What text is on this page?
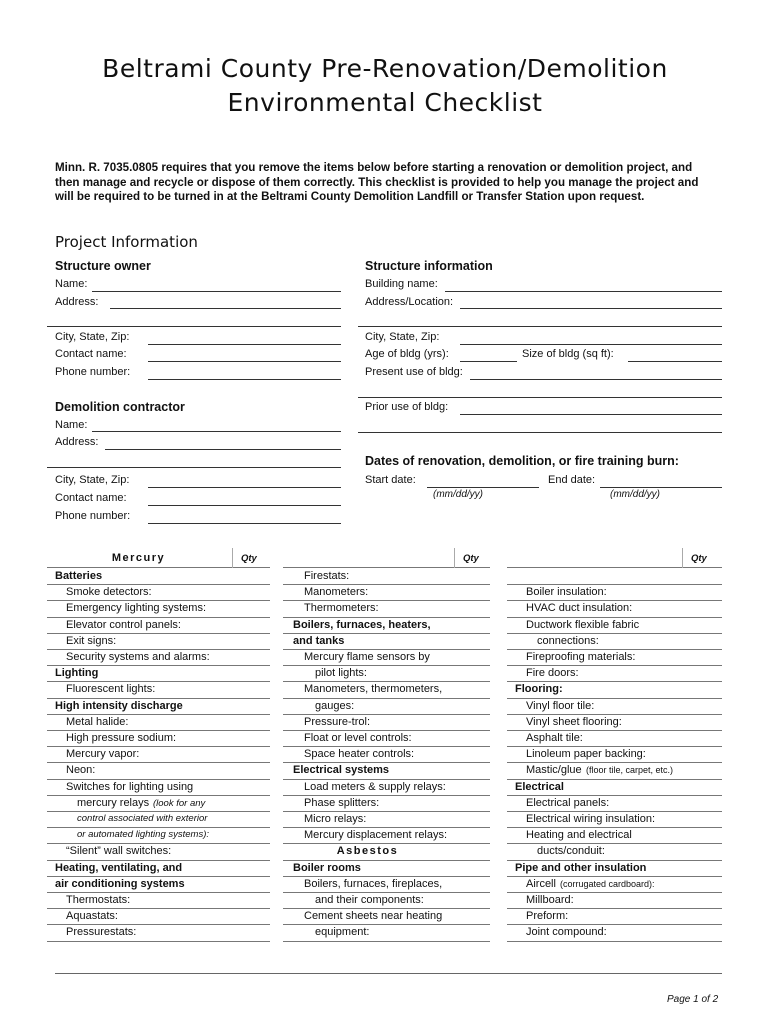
Beltrami County Pre-Renovation/Demolition
Environmental Checklist
Minn. R. 7035.0805 requires that you remove the items below before starting a renovation or demolition project, and then manage and recycle or dispose of them correctly. This checklist is provided to help you manage the project and will be required to be turned in at the Beltrami County Demolition Landfill or Transfer Station upon request.
Project Information
Structure owner
Name:
Address:
City, State, Zip:
Contact name:
Phone number:
Demolition contractor
Name:
Address:
City, State, Zip:
Contact name:
Phone number:
Structure information
Building name:
Address/Location:
City, State, Zip:
Age of bldg (yrs):	Size of bldg (sq ft):
Present use of bldg:
Prior use of bldg:
Dates of renovation, demolition, or fire training burn:
Start date:
(mm/dd/yy)
End date:
(mm/dd/yy)
Qty
Mercury
Batteries
Smoke detectors:
Emergency lighting systems:
Elevator control panels:
Exit signs:
Security systems and alarms:
Lighting
Fluorescent lights:
High intensity discharge
Metal halide:
High pressure sodium:
Mercury vapor:
Neon:
Switches for lighting using
mercury relays (look for any
control associated with exterior
or automated lighting systems):
“Silent” wall switches:
Heating, ventilating, and
air conditioning systems
Thermostats:
Aquastats:
Pressurestats:
Qty
Firestats:
Manometers:
Thermometers:
Boilers, furnaces, heaters,
and tanks
Mercury flame sensors by
pilot lights:
Manometers, thermometers,
gauges:
Pressure-trol:
Float or level controls:
Space heater controls:
Electrical systems
Load meters & supply relays:
Phase splitters:
Micro relays:
Mercury displacement relays:
Asbestos
Boiler rooms
Boilers, furnaces, fireplaces,
and their components:
Cement sheets near heating
equipment:
Qty
Boiler insulation:
HVAC duct insulation:
Ductwork flexible fabric
connections:
Fireproofing materials:
Fire doors:
Flooring:
Vinyl floor tile:
Vinyl sheet flooring:
Asphalt tile:
Linoleum paper backing:
Mastic/glue (floor tile, carpet, etc.)
Electrical
Electrical panels:
Electrical wiring insulation:
Heating and electrical
ducts/conduit:
Pipe and other insulation
Aircell (corrugated cardboard):
Millboard:
Preform:
Joint compound:
Page 1 of 2
